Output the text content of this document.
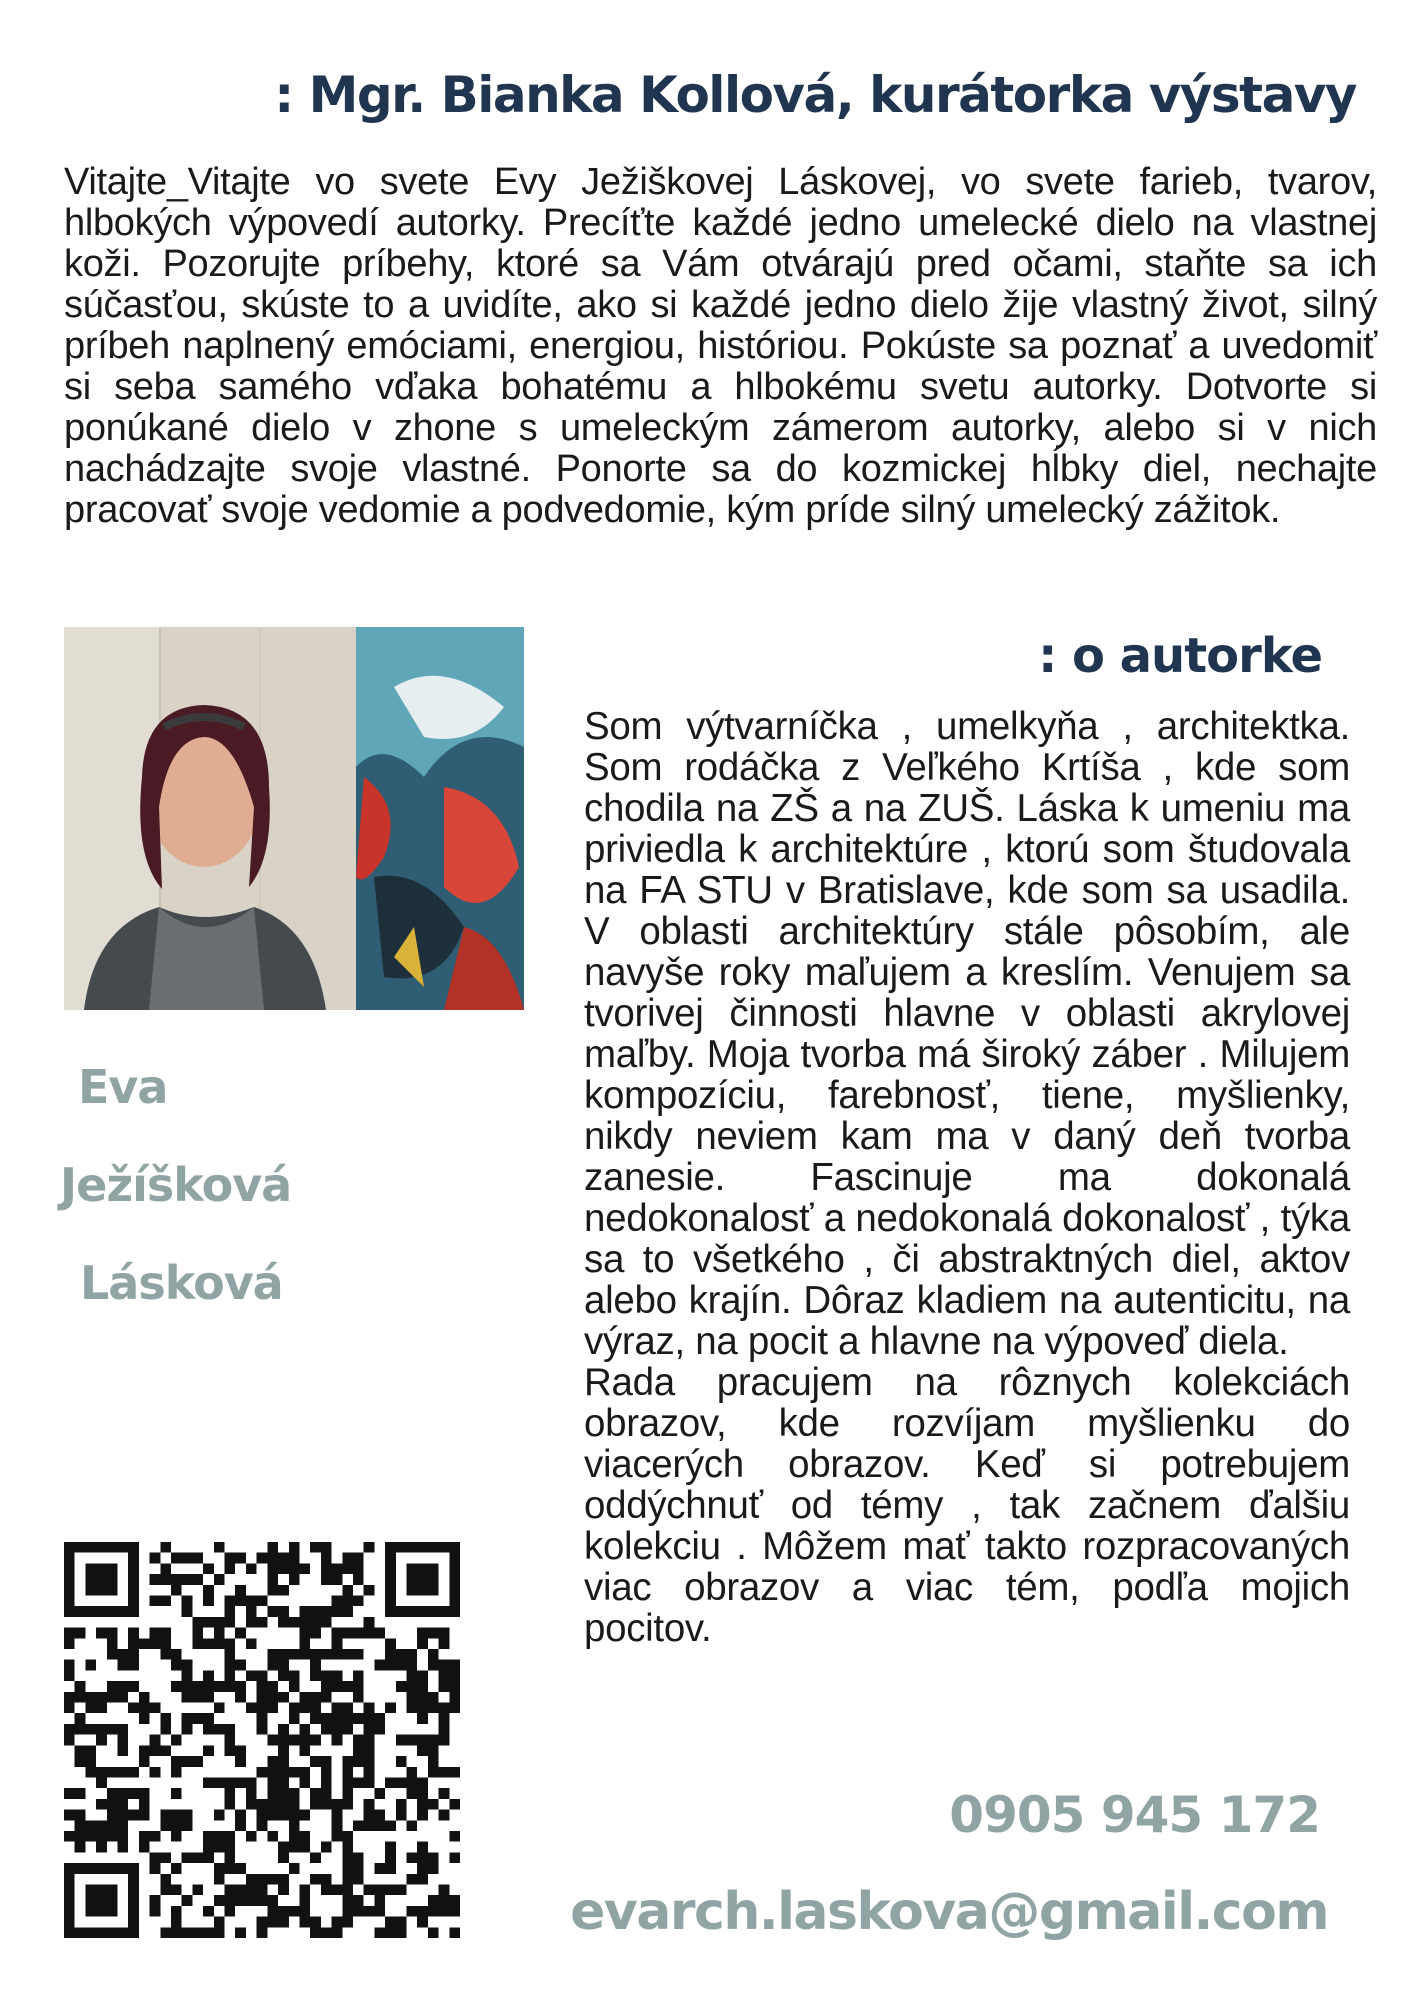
: Mgr. Bianka Kollová, kurátorka výstavy

Vitajte_Vitajte vo svete Evy Ježiškovej Láskovej, vo svete farieb, tvarov, hlbokých výpovedí autorky. Precíťte každé jedno umelecké dielo na vlastnej koži. Pozorujte príbehy, ktoré sa Vám otvárajú pred očami, staňte sa ich súčasťou, skúste to a uvidíte, ako si každé jedno dielo žije vlastný život, silný príbeh naplnený emóciami, energiou, históriou. Pokúste sa poznať a uvedomiť si seba samého vďaka bohatému a hlbokému svetu autorky. Dotvorte si ponúkané dielo v zhone s umeleckým zámerom autorky, alebo si v nich nachádzajte svoje vlastné. Ponorte sa do kozmickej hĺbky diel, nechajte pracovať svoje vedomie a podvedomie, kým príde silný umelecký zážitok.

Eva
Ježíšková
Lásková
: o autorke

Som výtvarníčka , umelkyňa , architektka. Som rodáčka z Veľkého Krtíša , kde som chodila na ZŠ a na ZUŠ. Láska k umeniu ma priviedla k architektúre , ktorú som študovala na FA STU v Bratislave, kde som sa usadila. V oblasti architektúry stále pôsobím, ale navyše roky maľujem a kreslím. Venujem sa tvorivej činnosti hlavne v oblasti akrylovej maľby. Moja tvorba má široký záber . Milujem kompozíciu, farebnosť, tiene, myšlienky, nikdy neviem kam ma v daný deň tvorba zanesie. Fascinuje ma dokonalá nedokonalosť a nedokonalá dokonalosť , týka sa to všetkého , či abstraktných diel, aktov alebo krajín. Dôraz kladiem na autenticitu, na výraz, na pocit a hlavne na výpoveď diela.

Rada pracujem na rôznych kolekciách obrazov, kde rozvíjam myšlienku do viacerých obrazov. Keď si potrebujem oddýchnuť od témy , tak začnem ďalšiu kolekciu . Môžem mať takto rozpracovaných viac obrazov a viac tém, podľa mojich pocitov.

0905 945 172
evarch.laskova@gmail.com
